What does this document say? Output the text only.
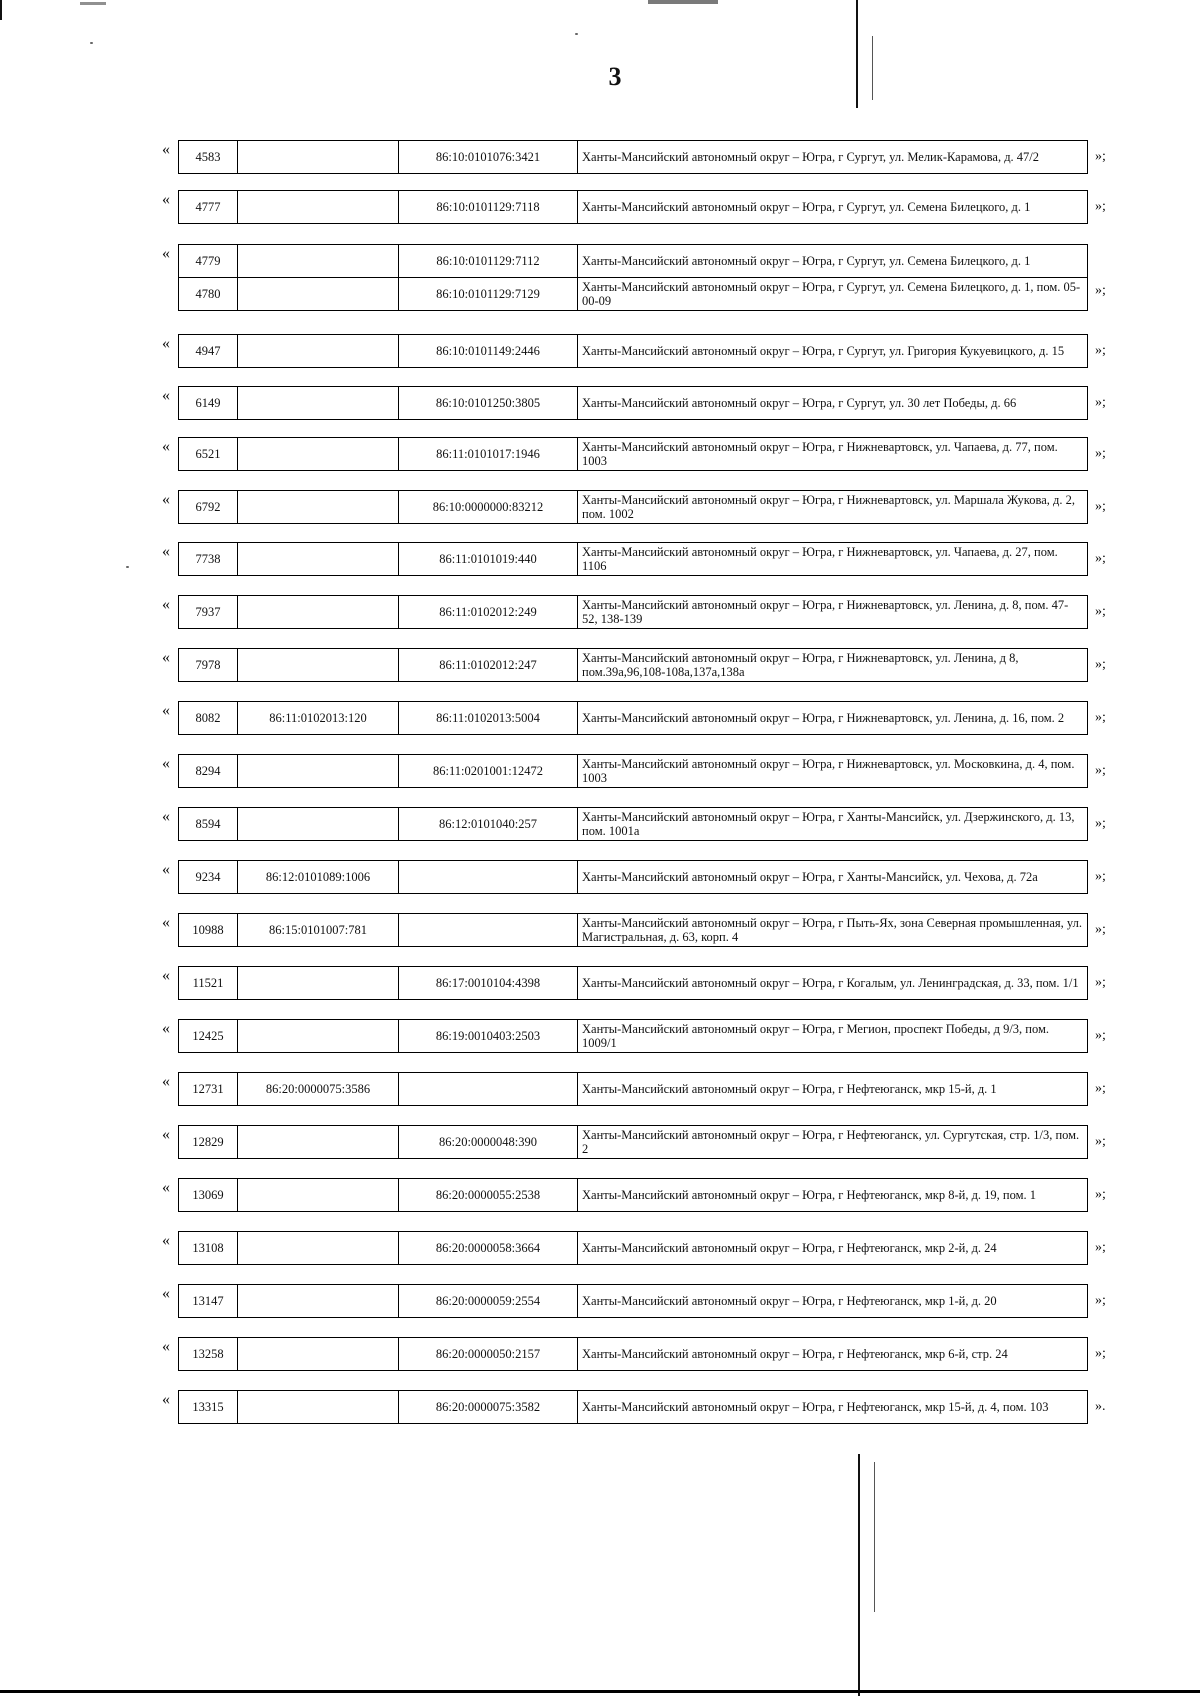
3
« 4583		86:10:0101076:3421	Ханты-Мансийский автономный округ – Югра, г Сургут, ул. Мелик-Карамова, д. 47/2	»;
« 4777		86:10:0101129:7118	Ханты-Мансийский автономный округ – Югра, г Сургут, ул. Семена Билецкого, д. 1	»;
« 4779		86:10:0101129:7112	Ханты-Мансийский автономный округ – Югра, г Сургут, ул. Семена Билецкого, д. 1
4780		86:10:0101129:7129	Ханты-Мансийский автономный округ – Югра, г Сургут, ул. Семена Билецкого, д. 1, пом. 05-00-09
»;
« 4947		86:10:0101149:2446	Ханты-Мансийский автономный округ – Югра, г Сургут, ул. Григория Кукуевицкого, д. 15 »;
« 6149		86:10:0101250:3805	Ханты-Мансийский автономный округ – Югра, г Сургут, ул. 30 лет Победы, д. 66	»;
« 6521		86:11:0101017:1946	Ханты-Мансийский автономный округ – Югра, г Нижневартовск, ул. Чапаева, д. 77, пом. 1003	»;
« 6792		86:10:0000000:83212	Ханты-Мансийский автономный округ – Югра, г Нижневартовск, ул. Маршала Жукова, д. 2, пом. 1002	»;
« 7738		86:11:0101019:440	Ханты-Мансийский автономный округ – Югра, г Нижневартовск, ул. Чапаева, д. 27, пом. 1106	»;
« 7937		86:11:0102012:249	Ханты-Мансийский автономный округ – Югра, г Нижневартовск, ул. Ленина, д. 8, пом. 47-52, 138-139	»;
« 7978		86:11:0102012:247	Ханты-Мансийский автономный округ – Югра, г Нижневартовск, ул. Ленина, д 8, пом.39а,96,108-108а,137а,138а	»;
« 8082	86:11:0102013:120	86:11:0102013:5004	Ханты-Мансийский автономный округ – Югра, г Нижневартовск, ул. Ленина, д. 16, пом. 2 »;
« 8294		86:11:0201001:12472	Ханты-Мансийский автономный округ – Югра, г Нижневартовск, ул. Московкина, д. 4, пом. 1003	»;
« 8594		86:12:0101040:257	Ханты-Мансийский автономный округ – Югра, г Ханты-Мансийск, ул. Дзержинского, д. 13, пом. 1001а	»;
« 9234	86:12:0101089:1006		Ханты-Мансийский автономный округ – Югра, г Ханты-Мансийск, ул. Чехова, д. 72а	»;
« 10988	86:15:0101007:781		Ханты-Мансийский автономный округ – Югра, г Пыть-Ях, зона Северная промышленная, ул. Магистральная, д. 63, корп. 4	»;
« 11521		86:17:0010104:4398	Ханты-Мансийский автономный округ – Югра, г Когалым, ул. Ленинградская, д. 33, пом. 1/1 »;
« 12425		86:19:0010403:2503	Ханты-Мансийский автономный округ – Югра, г Мегион, проспект Победы, д 9/3, пом. 1009/1	»;
« 12731	86:20:0000075:3586		Ханты-Мансийский автономный округ – Югра, г Нефтеюганск, мкр 15-й, д. 1	»;
« 12829		86:20:0000048:390	Ханты-Мансийский автономный округ – Югра, г Нефтеюганск, ул. Сургутская, стр. 1/3, пом. 2	»;
« 13069		86:20:0000055:2538	Ханты-Мансийский автономный округ – Югра, г Нефтеюганск, мкр 8-й, д. 19, пом. 1	»;
« 13108		86:20:0000058:3664	Ханты-Мансийский автономный округ – Югра, г Нефтеюганск, мкр 2-й, д. 24	»;
« 13147		86:20:0000059:2554	Ханты-Мансийский автономный округ – Югра, г Нефтеюганск, мкр 1-й, д. 20	»;
« 13258		86:20:0000050:2157	Ханты-Мансийский автономный округ – Югра, г Нефтеюганск, мкр 6-й, стр. 24	»;
« 13315		86:20:0000075:3582	Ханты-Мансийский автономный округ – Югра, г Нефтеюганск, мкр 15-й, д. 4, пом. 103	».
